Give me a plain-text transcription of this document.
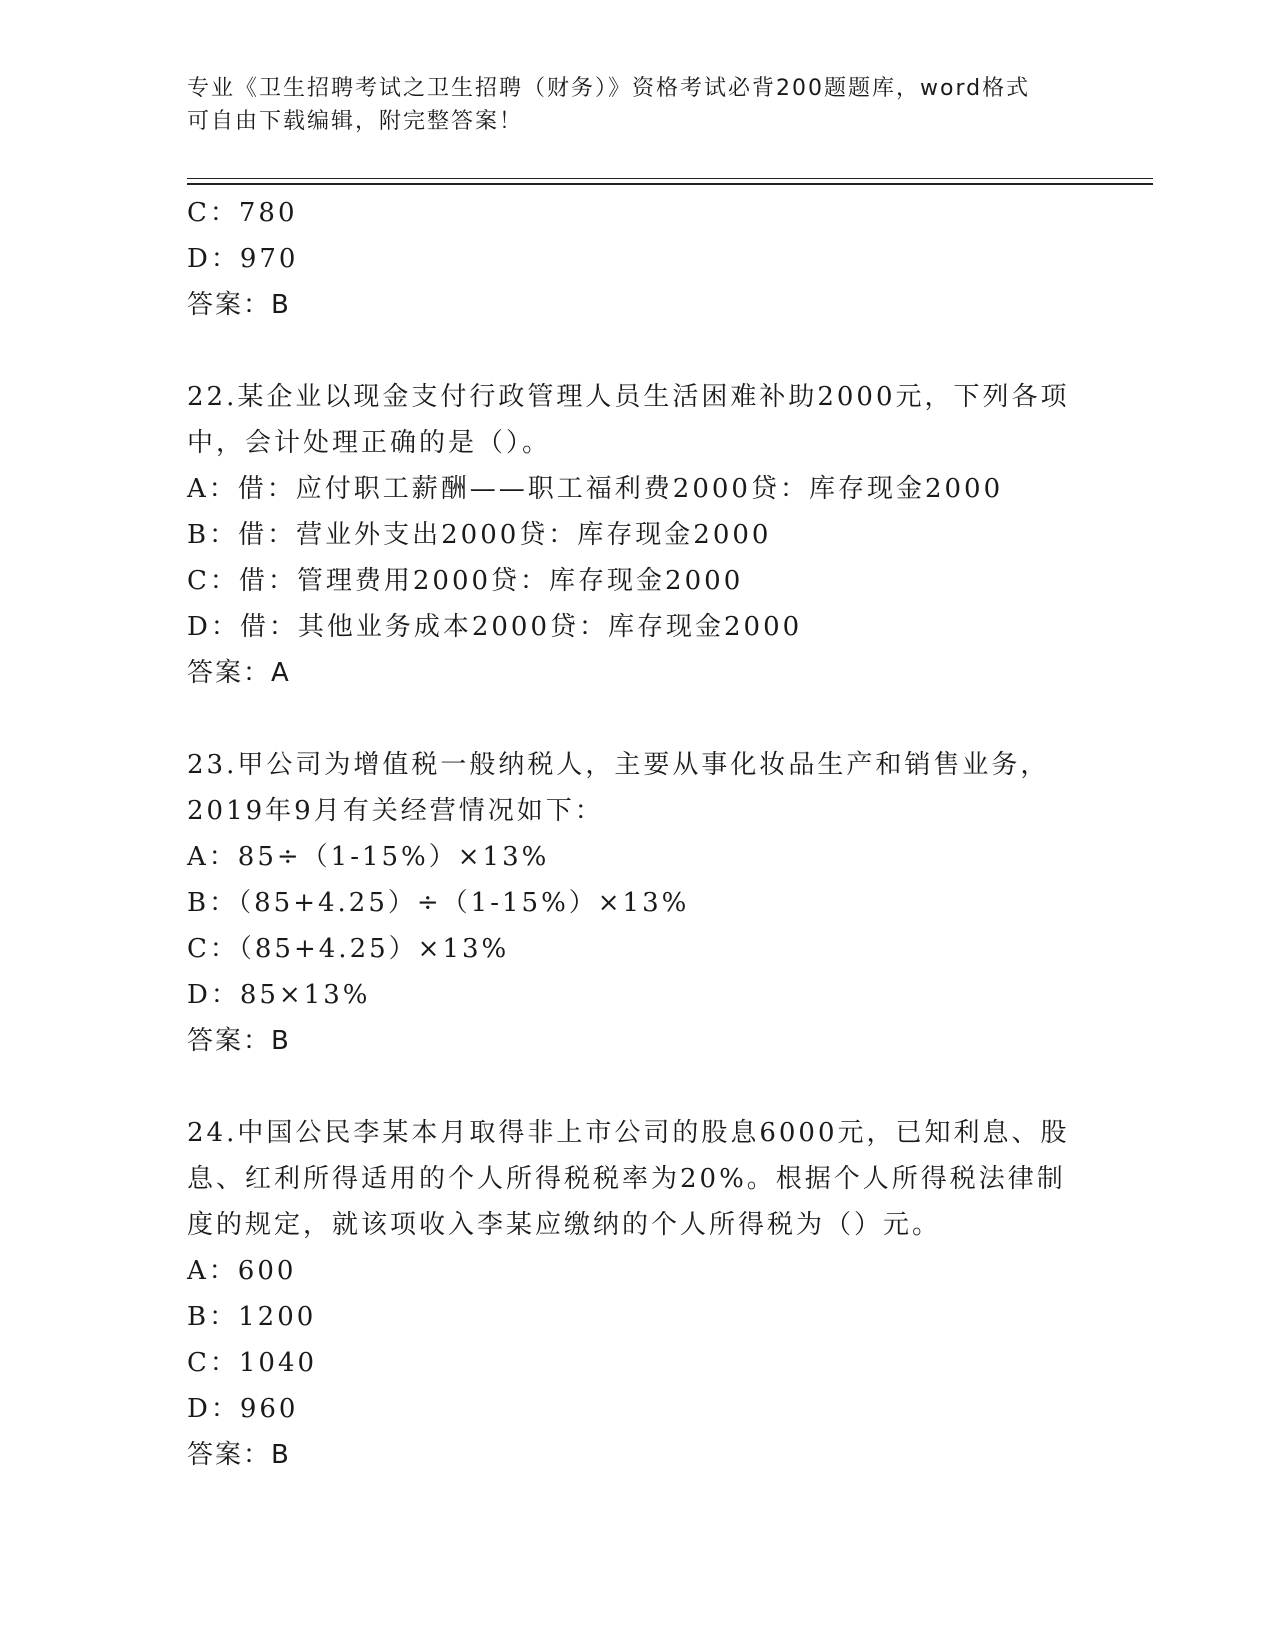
专业《卫生招聘考试之卫生招聘（财务）》资格考试必背200题题库，word格式
可自由下载编辑，附完整答案！
C：780
D：970
答案：B
22.某企业以现金支付行政管理人员生活困难补助2000元，下列各项
中，会计处理正确的是（）。
A：借：应付职工薪酬——职工福利费2000贷：库存现金2000
B：借：营业外支出2000贷：库存现金2000
C：借：管理费用2000贷：库存现金2000
D：借：其他业务成本2000贷：库存现金2000
答案：A
23.甲公司为增值税一般纳税人，主要从事化妆品生产和销售业务，
2019年9月有关经营情况如下：
A：85÷（1-15%）×13%
B：（85+4.25）÷（1-15%）×13%
C：（85+4.25）×13%
D：85×13%
答案：B
24.中国公民李某本月取得非上市公司的股息6000元，已知利息、股
息、红利所得适用的个人所得税税率为20%。根据个人所得税法律制
度的规定，就该项收入李某应缴纳的个人所得税为（）元。
A：600
B：1200
C：1040
D：960
答案：B
